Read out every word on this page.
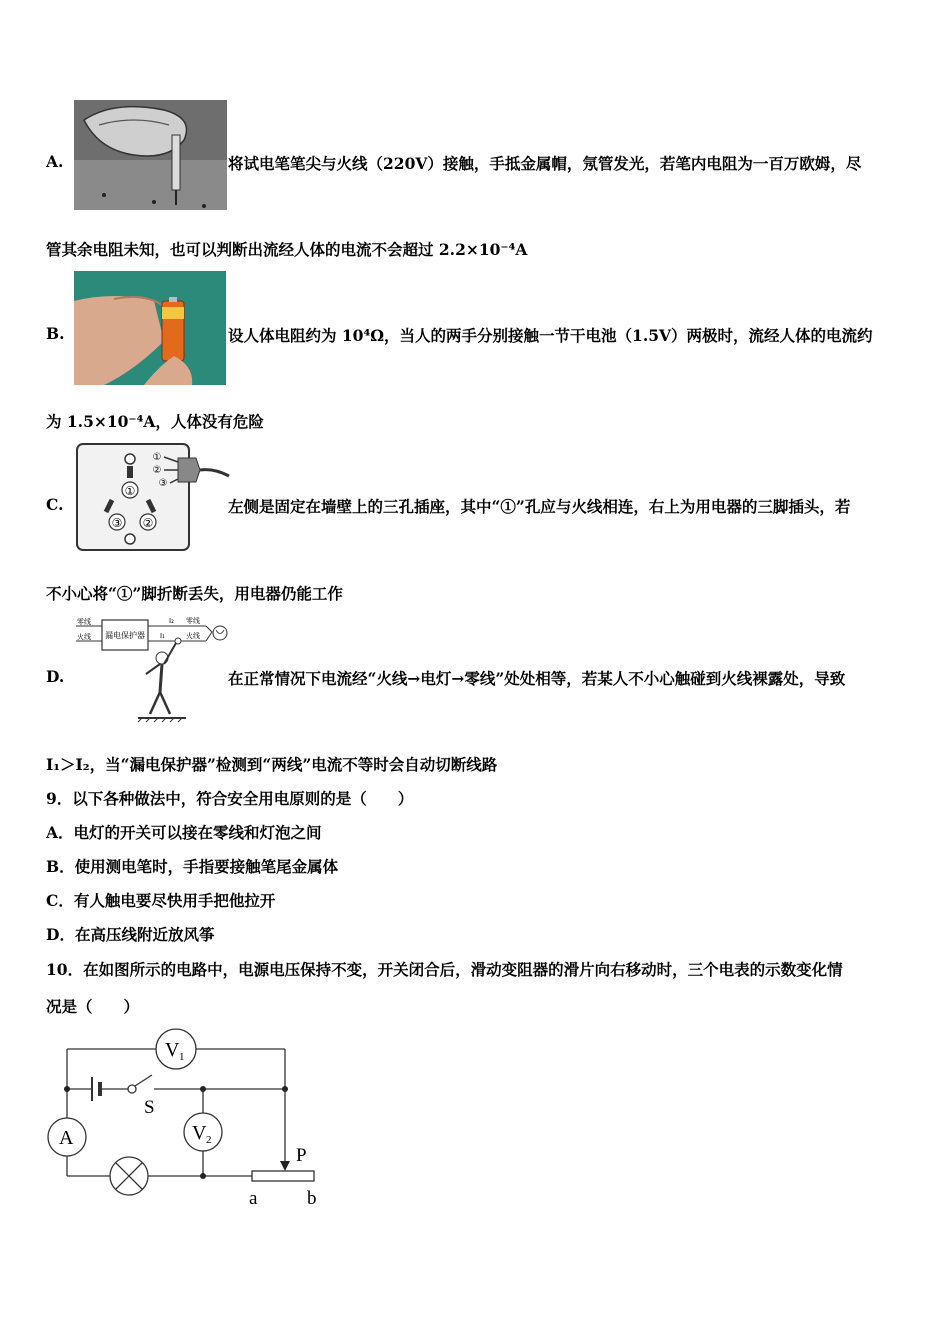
A.	将试电笔笔尖与火线（220V）接触，手抵金属帽，氖管发光，若笔内电阻为一百万欧姆，尽
管其余电阻未知，也可以判断出流经人体的电流不会超过 2.2×10⁻⁴A
B.	设人体电阻约为 10⁴Ω，当人的两手分别接触一节干电池（1.5V）两极时，流经人体的电流约
为 1.5×10⁻⁴A，人体没有危险
①
③ ②
①
②
③
C.	左侧是固定在墙壁上的三孔插座，其中“①”孔应与火线相连，右上为用电器的三脚插头，若
不小心将“①”脚折断丢失，用电器仍能工作
零线
火线 漏电保护器
I₂
I₁
零线
火线
D.	在正常情况下电流经“火线→电灯→零线”处处相等，若某人不小心触碰到火线裸露处，导致
I₁＞I₂，当“漏电保护器”检测到“两线”电流不等时会自动切断线路
9．以下各种做法中，符合安全用电原则的是（　　）
A．电灯的开关可以接在零线和灯泡之间
B．使用测电笔时，手指要接触笔尾金属体
C．有人触电要尽快用手把他拉开
D．在高压线附近放风筝
10．在如图所示的电路中，电源电压保持不变，开关闭合后，滑动变阻器的滑片向右移动时，三个电表的示数变化情
况是（　　）
V 1
S
A	V 2
P
a	b
